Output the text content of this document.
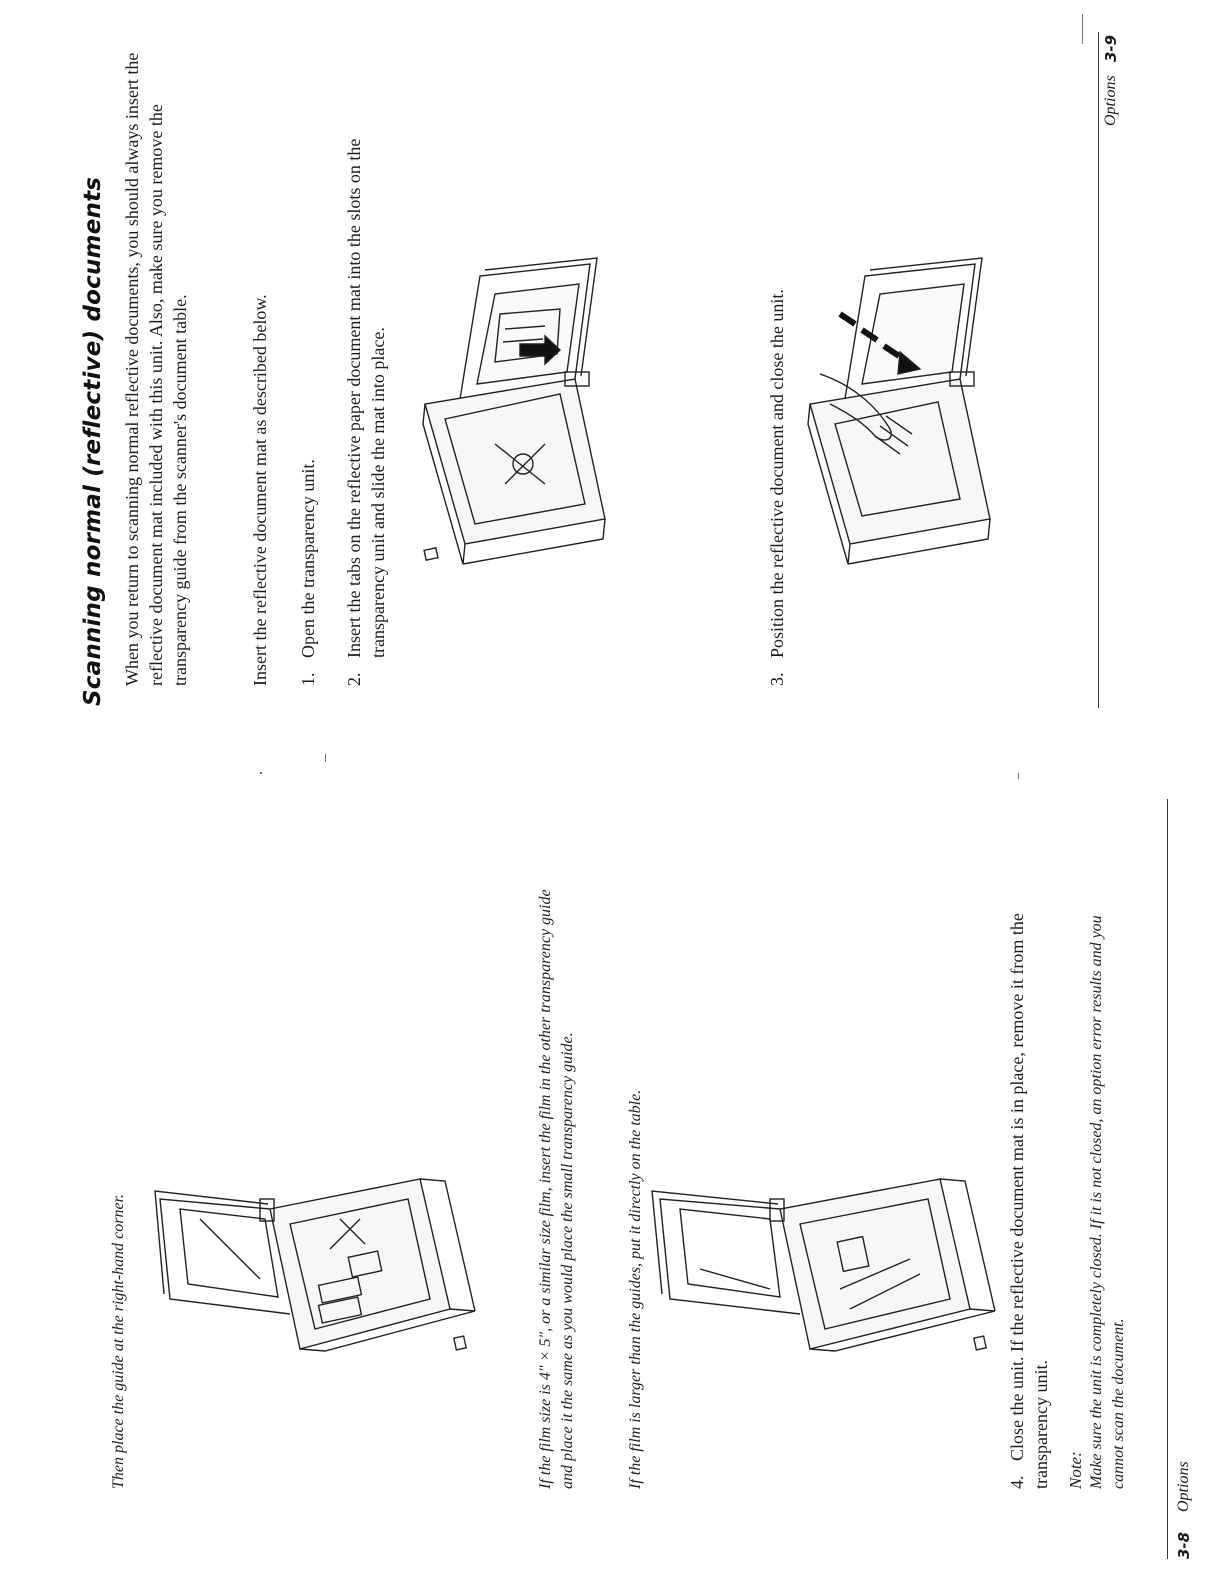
Then place the guide at the right-hand corner.	If the film size is 4" × 5", or a similar size film, insert the film in the other transparency guide and place it the same as you would place the small transparency guide.	If the film is larger than the guides, put it directly on the table.	4.Close the unit. If the reflective document mat is in place, remove it from the transparency unit. Note: Make sure the unit is completely closed. If it is not closed, an option error results and you cannot scan the document.
3-8
Options
Scanning normal (reflective) documents When you return to scanning normal reflective documents, you should always insert the reflective document mat included with this unit. Also, make sure you remove the transparency guide from the scanner's document table.	Insert the reflective document mat as described below. 1.Open the transparency unit.
2.
Insert the tabs on the reflective paper document mat into the slots on the transparency unit and slide the mat into place.
3.Position the reflective document and close the unit.
Options
3-9
